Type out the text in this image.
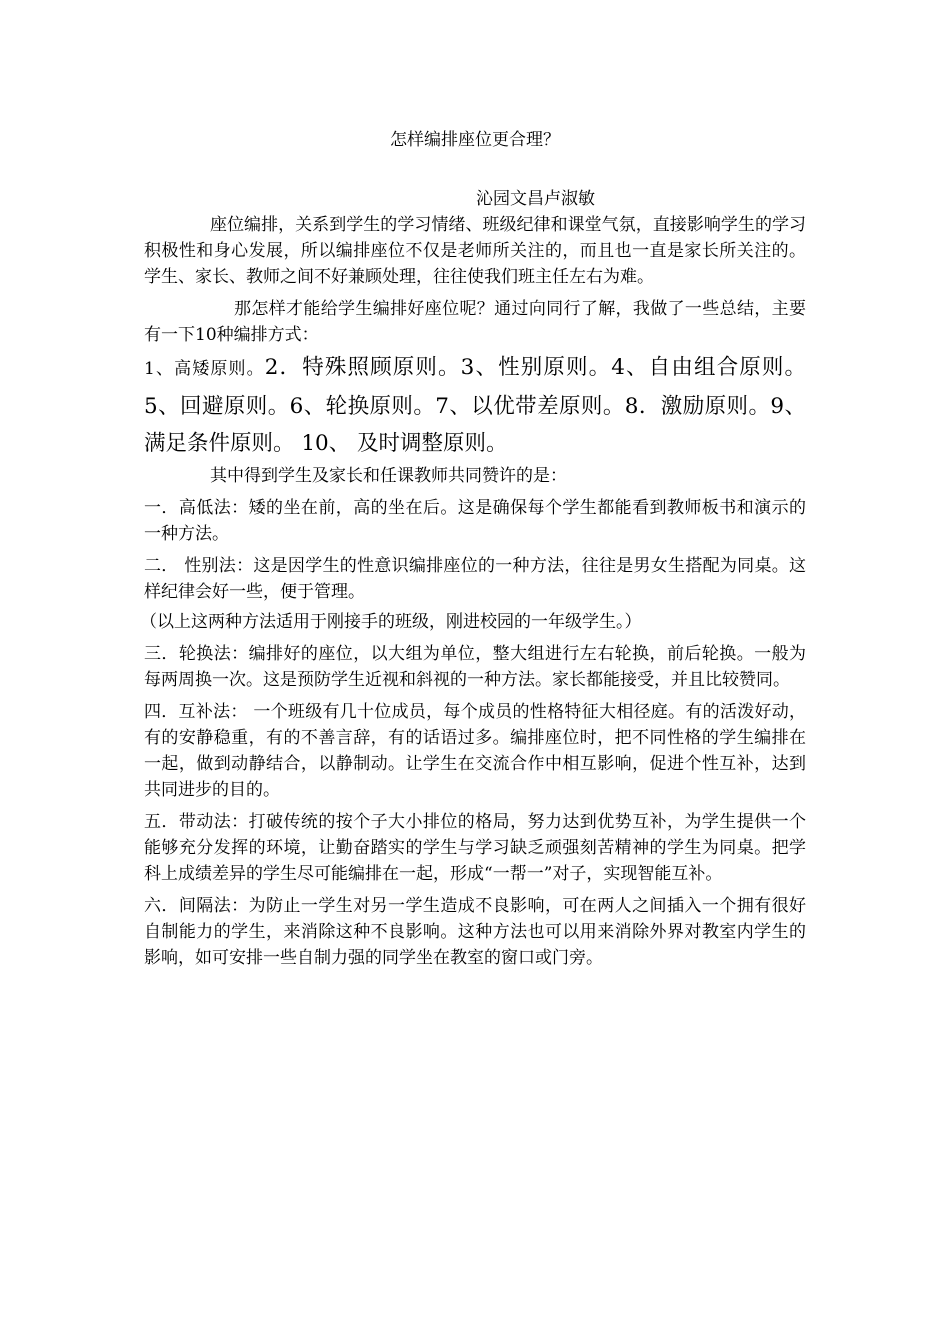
怎样编排座位更合理？
沁园文昌卢淑敏

座位编排，关系到学生的学习情绪、班级纪律和课堂气氛，直接影响学生的学习积极性和身心发展，所以编排座位不仅是老师所关注的，而且也一直是家长所关注的。学生、家长、教师之间不好兼顾处理，往往使我们班主任左右为难。

那怎样才能给学生编排好座位呢？通过向同行了解，我做了一些总结，主要有一下10种编排方式：

1、高矮原则。2．特殊照顾原则。3、性别原则。4、自由组合原则。5、回避原则。6、轮换原则。7、以优带差原则。8．激励原则。9、满足条件原则。 10、 及时调整原则。

其中得到学生及家长和任课教师共同赞许的是：

一．高低法：矮的坐在前，高的坐在后。这是确保每个学生都能看到教师板书和演示的一种方法。

二． 性别法：这是因学生的性意识编排座位的一种方法，往往是男女生搭配为同桌。这样纪律会好一些，便于管理。

（以上这两种方法适用于刚接手的班级，刚进校园的一年级学生。）

三．轮换法：编排好的座位，以大组为单位，整大组进行左右轮换，前后轮换。一般为每两周换一次。这是预防学生近视和斜视的一种方法。家长都能接受，并且比较赞同。

四．互补法： 一个班级有几十位成员，每个成员的性格特征大相径庭。有的活泼好动，有的安静稳重，有的不善言辞，有的话语过多。编排座位时，把不同性格的学生编排在一起，做到动静结合，以静制动。让学生在交流合作中相互影响，促进个性互补，达到共同进步的目的。

五．带动法：打破传统的按个子大小排位的格局，努力达到优势互补，为学生提供一个能够充分发挥的环境，让勤奋踏实的学生与学习缺乏顽强刻苦精神的学生为同桌。把学科上成绩差异的学生尽可能编排在一起，形成“一帮一”对子，实现智能互补。

六．间隔法：为防止一学生对另一学生造成不良影响，可在两人之间插入一个拥有很好自制能力的学生，来消除这种不良影响。这种方法也可以用来消除外界对教室内学生的影响，如可安排一些自制力强的同学坐在教室的窗口或门旁。
